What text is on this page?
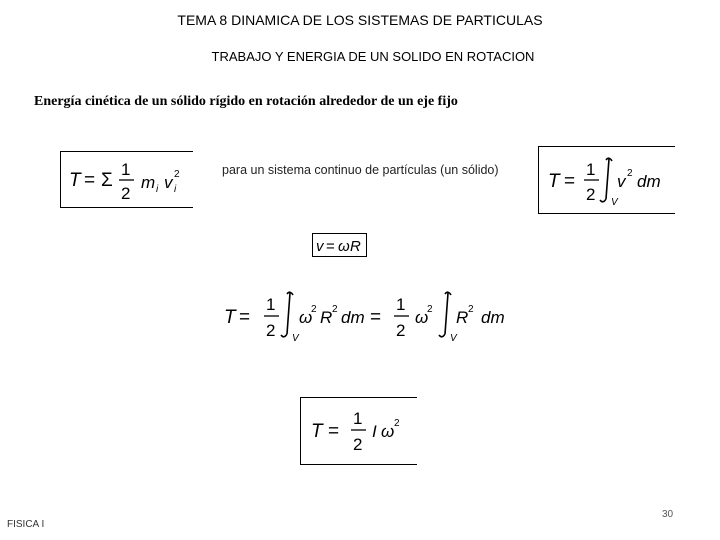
TEMA 8 DINAMICA DE LOS SISTEMAS DE PARTICULAS
TRABAJO Y ENERGIA DE UN SOLIDO EN ROTACION
Energía cinética de un sólido rígido en rotación alrededor de un eje fijo
T = Σ
1
2
m i v 2
i
para un sistema continuo de partículas (un sólido)
T =
1
2 V
v 2 dm
v = ω R
T =
1
2 V
ω
2 R 2 dm =
1
2
ω
2
V
R 2 dm
T =
1
2
I ω 2
FISICA I
30
